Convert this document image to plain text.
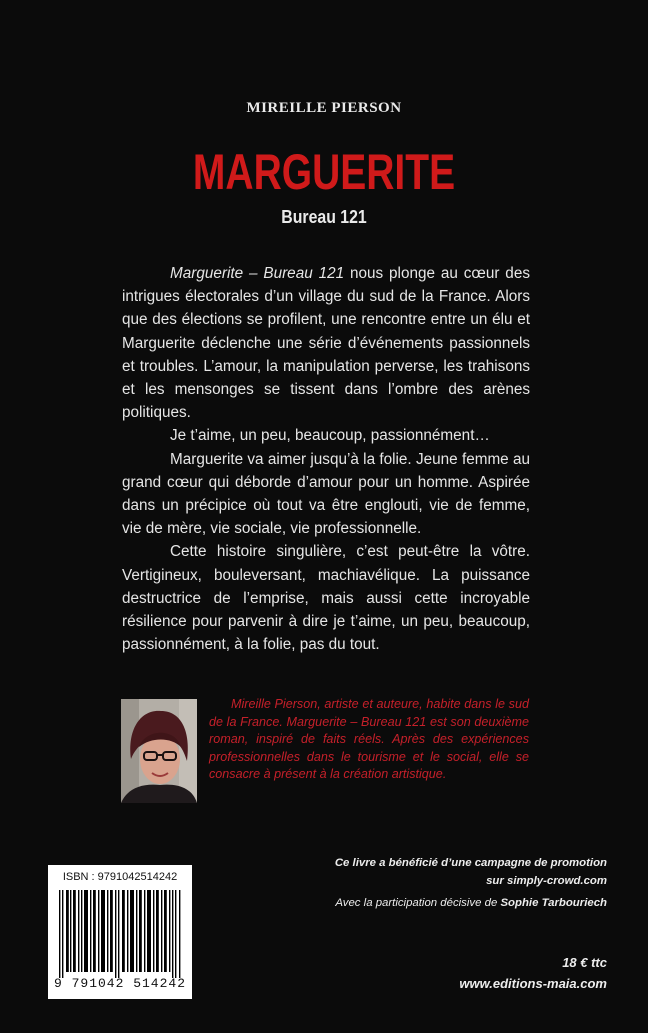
MIREILLE PIERSON
MARGUERITE
Bureau 121

Marguerite – Bureau 121 nous plonge au cœur des intrigues électorales d’un village du sud de la France. Alors que des élections se profilent, une rencontre entre un élu et Marguerite déclenche une série d’événements passionnels et troubles. L’amour, la manipulation perverse, les trahisons et les mensonges se tissent dans l’ombre des arènes politiques.

Je t’aime, un peu, beaucoup, passionnément…

Marguerite va aimer jusqu’à la folie. Jeune femme au grand cœur qui déborde d’amour pour un homme. Aspirée dans un précipice où tout va être englouti, vie de femme, vie de mère, vie sociale, vie professionnelle.

Cette histoire singulière, c’est peut-être la vôtre. Vertigineux, bouleversant, machiavélique. La puissance destructrice de l’emprise, mais aussi cette incroyable résilience pour parvenir à dire je t’aime, un peu, beaucoup, passionnément, à la folie, pas du tout.

Mireille Pierson, artiste et auteure, habite dans le sud de la France. Marguerite – Bureau 121 est son deuxième roman, inspiré de faits réels. Après des expériences professionnelles dans le tourisme et le social, elle se consacre à présent à la création artistique.

ISBN : 9791042514242
9 791042 514242
Ce livre a bénéficié d’une campagne de promotion
sur simply-crowd.com
Avec la participation décisive de Sophie Tarbouriech
18 € ttc
www.editions-maia.com
